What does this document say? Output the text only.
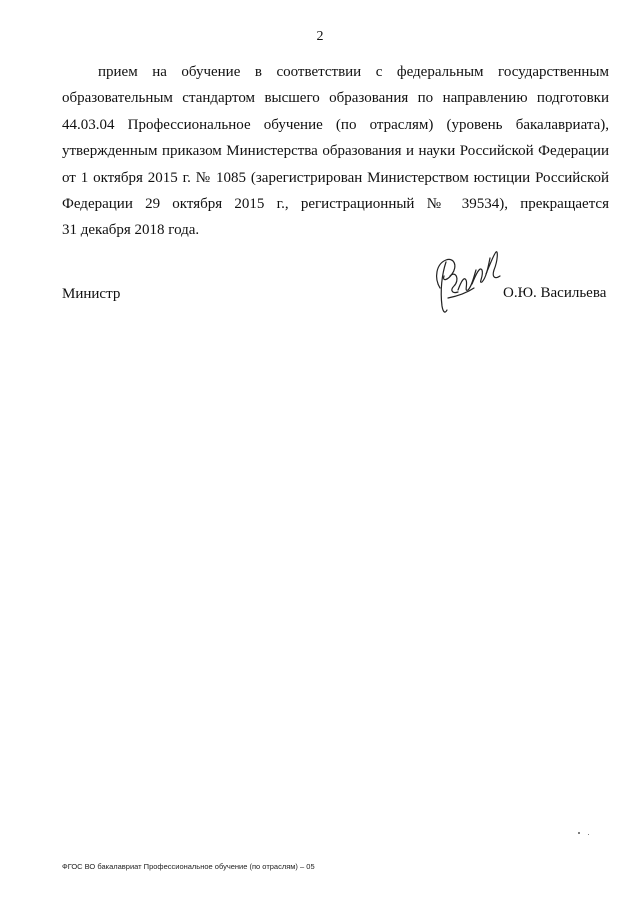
2
прием на обучение в соответствии с федеральным государственным
образовательным стандартом высшего образования по направлению подготовки
44.03.04 Профессиональное обучение (по отраслям) (уровень бакалавриата),
утвержденным приказом Министерства образования и науки Российской Федерации
от 1 октября 2015 г. № 1085 (зарегистрирован Министерством юстиции Российской
Федерации 29 октября 2015 г., регистрационный № 39534), прекращается
31 декабря 2018 года.
Министр	О.Ю. Васильева
ФГОС ВО бакалавриат Профессиональное обучение (по отраслям) – 05
